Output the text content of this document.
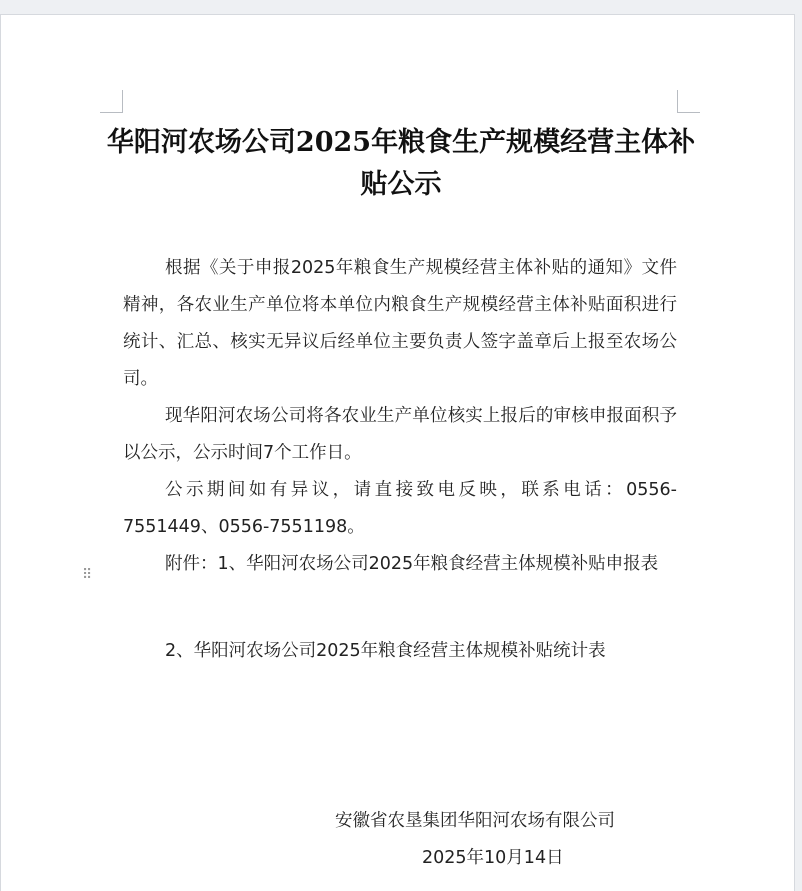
华阳河农场公司2025年粮食生产规模经营主体补贴公示
根据《关于申报2025年粮食生产规模经营主体补贴的通知》文件精神，各农业生产单位将本单位内粮食生产规模经营主体补贴面积进行统计、汇总、核实无异议后经单位主要负责人签字盖章后上报至农场公司。
现华阳河农场公司将各农业生产单位核实上报后的审核申报面积予以公示，公示时间7个工作日。
公示期间如有异议，请直接致电反映，联系电话：0556-7551449、0556-7551198。
⠿
附件：1、华阳河农场公司2025年粮食经营主体规模补贴申报表
2、华阳河农场公司2025年粮食经营主体规模补贴统计表
安徽省农垦集团华阳河农场有限公司
2025年10月14日
